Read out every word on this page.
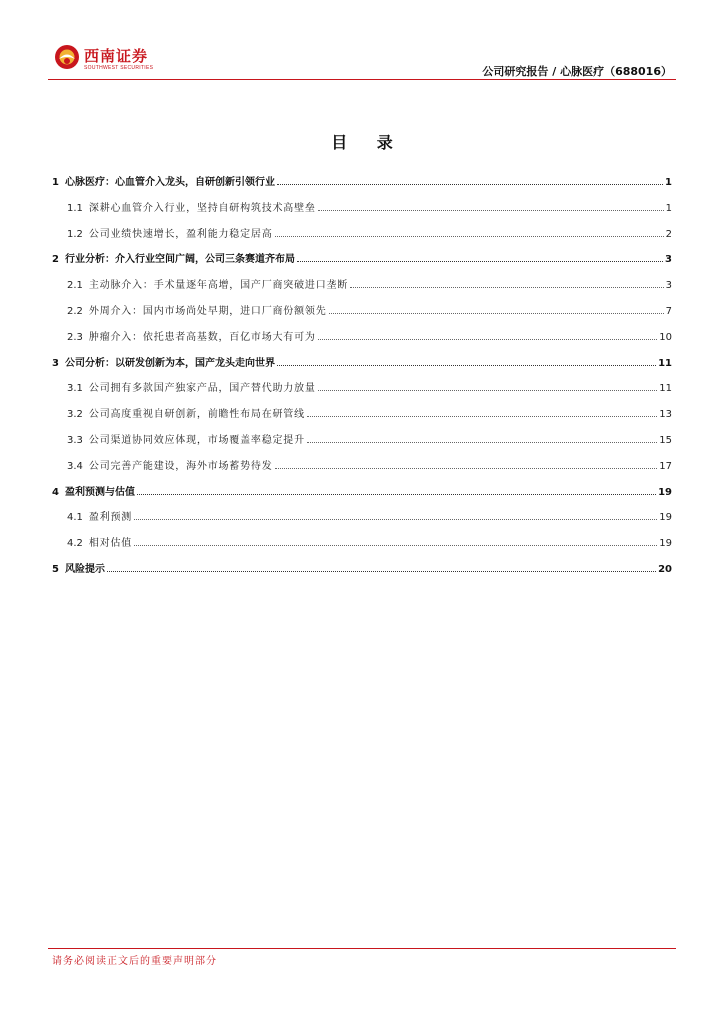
西南证券
SOUTHWEST SECURITIES	公司研究报告 / 心脉医疗（688016）
目 录
1 心脉医疗：心血管介入龙头，自研创新引领行业	1
1.1 深耕心血管介入行业，坚持自研构筑技术高壁垒	1
1.2 公司业绩快速增长，盈利能力稳定居高	2
2 行业分析：介入行业空间广阔，公司三条赛道齐布局	3
2.1 主动脉介入：手术量逐年高增，国产厂商突破进口垄断	3
2.2 外周介入：国内市场尚处早期，进口厂商份额领先	7
2.3 肿瘤介入：依托患者高基数，百亿市场大有可为	10
3 公司分析：以研发创新为本，国产龙头走向世界	11
3.1 公司拥有多款国产独家产品，国产替代助力放量	11
3.2 公司高度重视自研创新，前瞻性布局在研管线	13
3.3 公司渠道协同效应体现，市场覆盖率稳定提升	15
3.4 公司完善产能建设，海外市场蓄势待发	17
4 盈利预测与估值	19
4.1 盈利预测	19
4.2 相对估值	19
5 风险提示	20
请务必阅读正文后的重要声明部分
